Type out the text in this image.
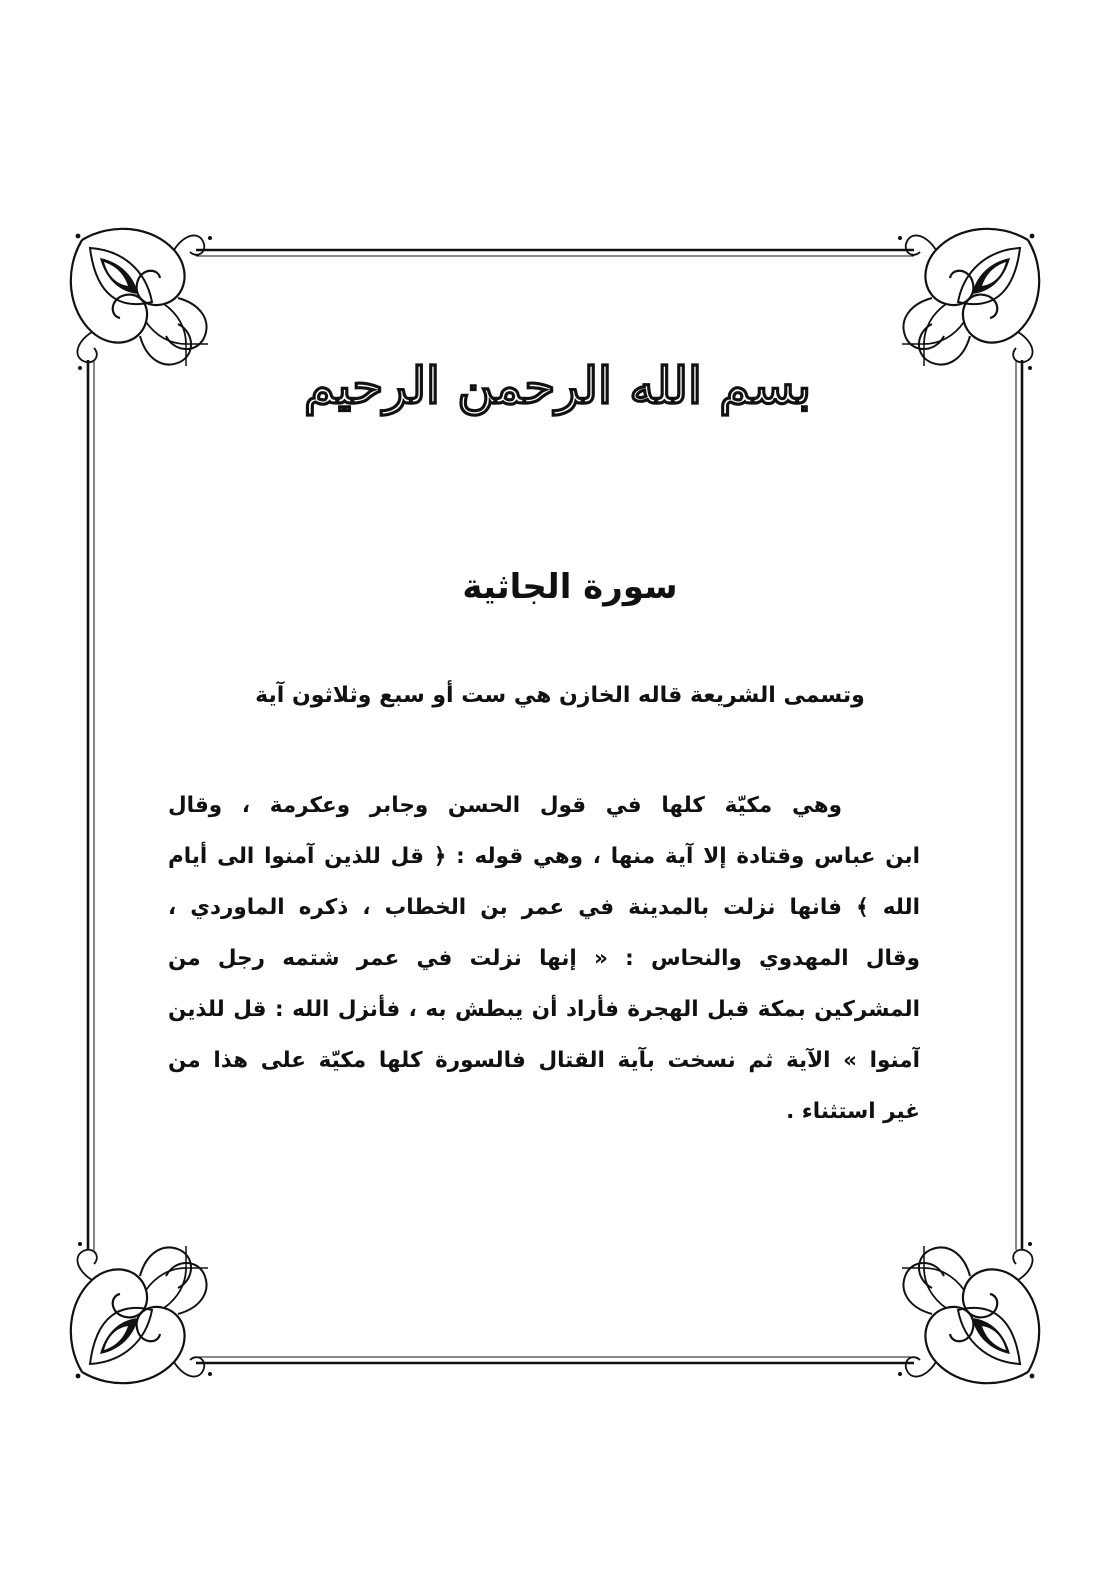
بسم الله الرحمن الرحيم
سورة الجاثية
وتسمى الشريعة قاله الخازن هي ست أو سبع وثلاثون آية
وهي مكيّة كلها في قول الحسن وجابر وعكرمة ، وقال
ابن عباس وقتادة إلا آية منها ، وهي قوله : ﴿ قل للذين آمنوا الى أيام
الله ﴾ فانها نزلت بالمدينة في عمر بن الخطاب ، ذكره الماوردي ،
وقال المهدوي والنحاس : « إنها نزلت في عمر شتمه رجل من
المشركين بمكة قبل الهجرة فأراد أن يبطش به ، فأنزل الله : قل للذين
آمنوا » الآية ثم نسخت بآية القتال فالسورة كلها مكيّة على هذا من
غير استثناء .
